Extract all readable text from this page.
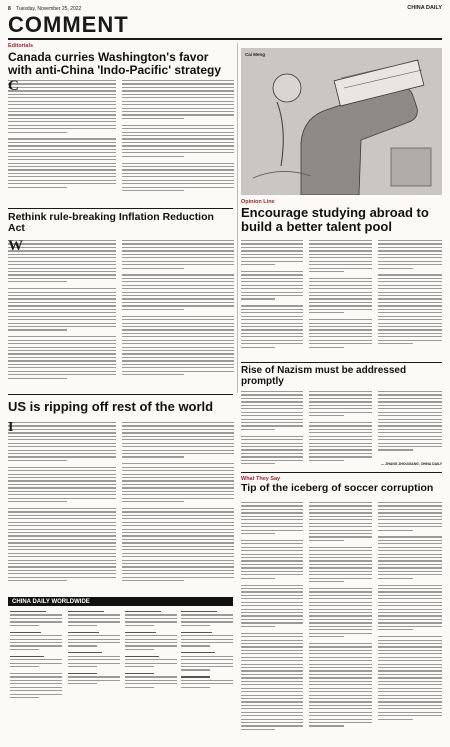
8 Tuesday, November 25, 2022	CHINA DAILY
COMMENT
Editorials
Canada curries Washington's favor with anti-China 'Indo-Pacific' strategy
C
Cai Meng
Rethink rule-breaking Inflation Reduction Act
W
Opinion Line
Encourage studying abroad to build a better talent pool
Rise of Nazism must be addressed promptly
— ZHANG ZHOUXIANG, CHINA DAILY
US is ripping off rest of the world
I
What They Say
Tip of the iceberg of soccer corruption
CHINA DAILY WORLDWIDE
